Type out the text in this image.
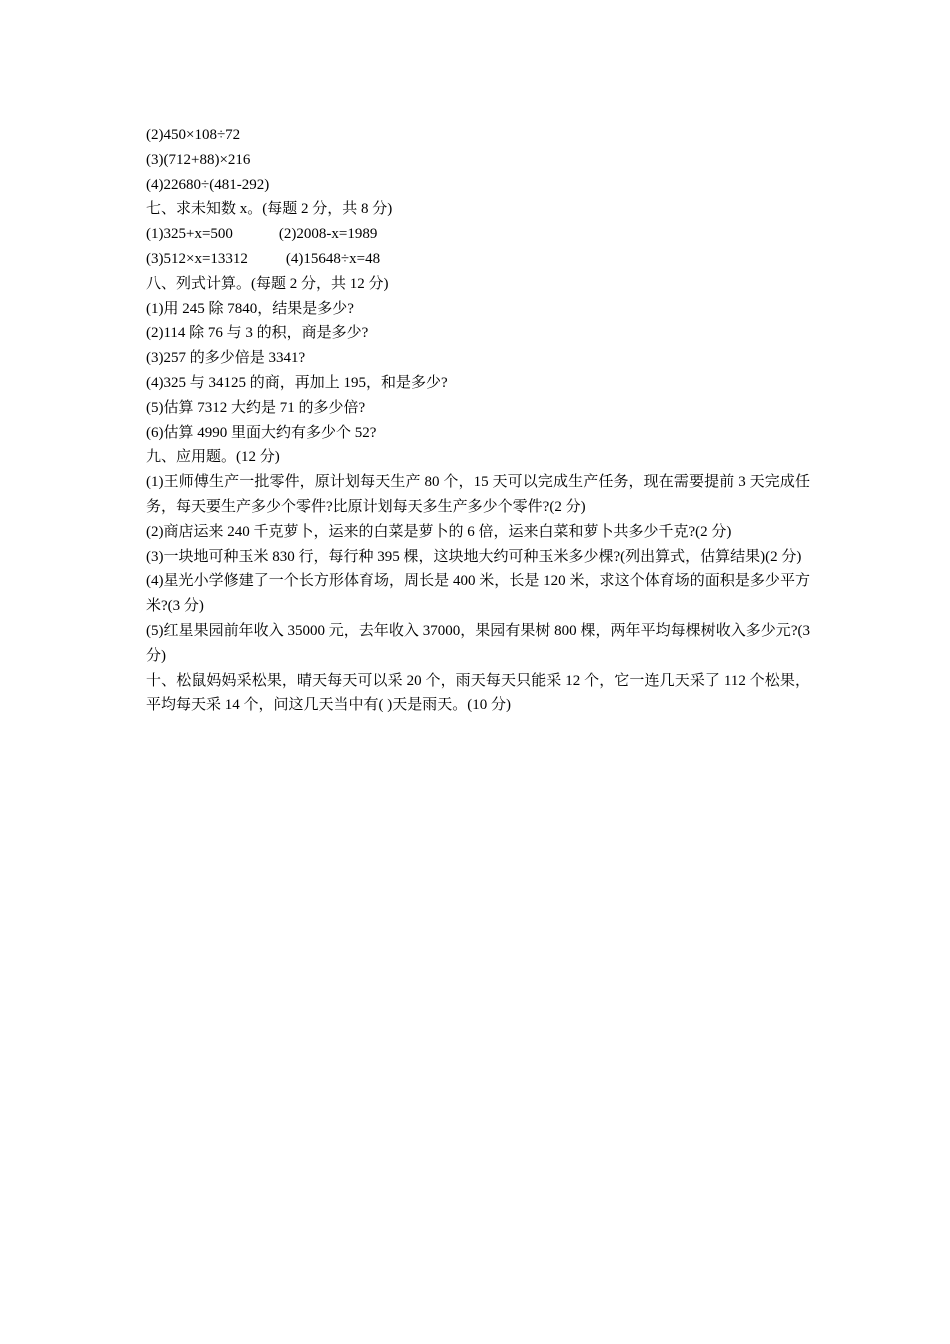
(2)450×108÷72
(3)(712+88)×216
(4)22680÷(481-292)
七、求未知数 x。(每题 2 分，共 8 分)
(1)325+x=500	(2)2008-x=1989
(3)512×x=13312	(4)15648÷x=48
八、列式计算。(每题 2 分，共 12 分)
(1)用 245 除 7840，结果是多少?
(2)114 除 76 与 3 的积，商是多少?
(3)257 的多少倍是 3341?
(4)325 与 34125 的商，再加上 195，和是多少?
(5)估算 7312 大约是 71 的多少倍?
(6)估算 4990 里面大约有多少个 52?
九、应用题。(12 分)
(1)王师傅生产一批零件，原计划每天生产 80 个，15 天可以完成生产任务，现在需要提前 3 天完成任务，每天要生产多少个零件?比原计划每天多生产多少个零件?(2 分)
(2)商店运来 240 千克萝卜，运来的白菜是萝卜的 6 倍，运来白菜和萝卜共多少千克?(2 分)
(3)一块地可种玉米 830 行，每行种 395 棵，这块地大约可种玉米多少棵?(列出算式，估算结果)(2 分)
(4)星光小学修建了一个长方形体育场，周长是 400 米，长是 120 米，求这个体育场的面积是多少平方米?(3 分)
(5)红星果园前年收入 35000 元，去年收入 37000，果园有果树 800 棵，两年平均每棵树收入多少元?(3 分)
十、松鼠妈妈采松果，晴天每天可以采 20 个，雨天每天只能采 12 个，它一连几天采了 112 个松果，平均每天采 14 个，问这几天当中有( )天是雨天。(10 分)
